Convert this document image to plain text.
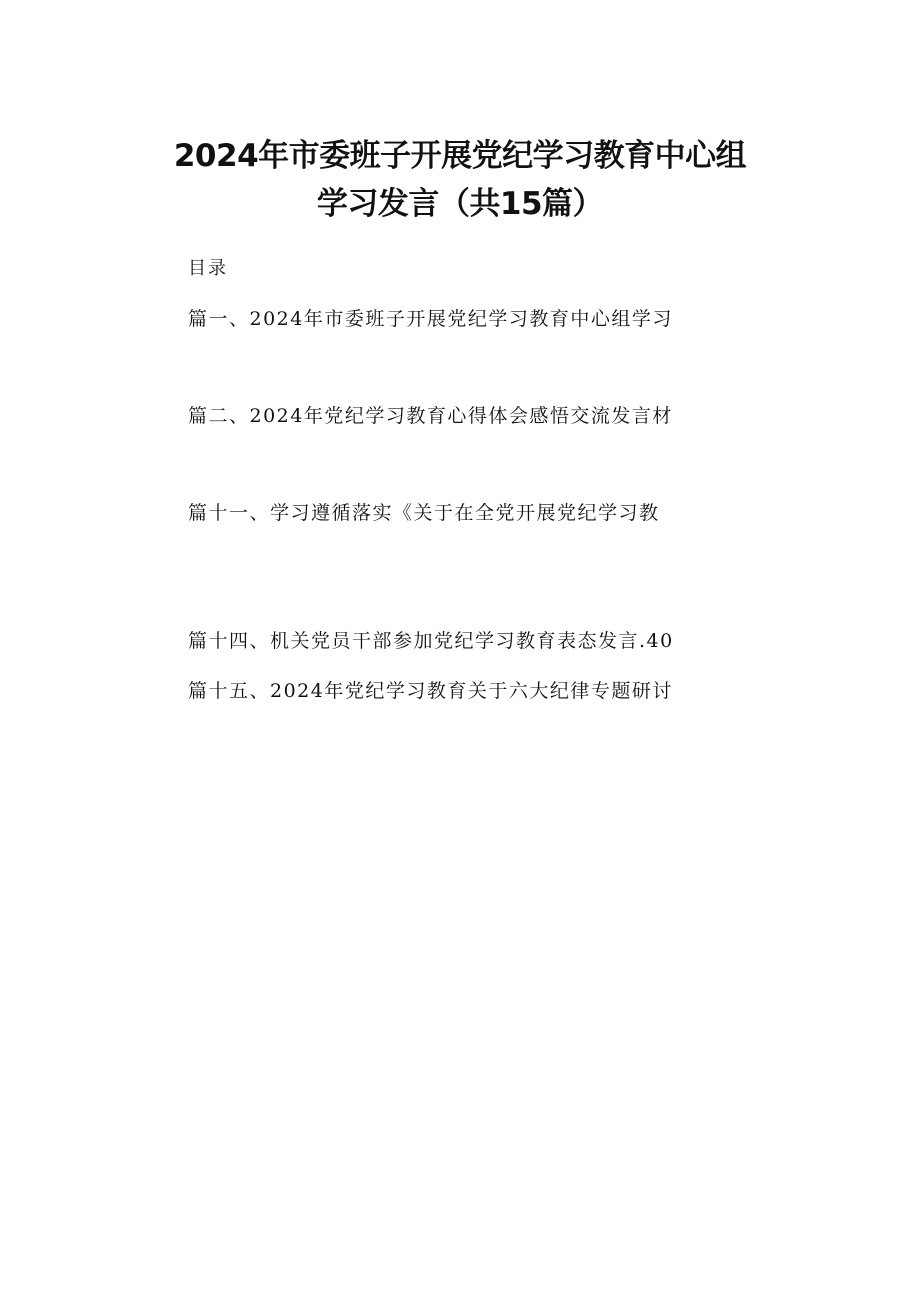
2024年市委班子开展党纪学习教育中心组
学习发言（共15篇）
目录
篇一、2024年市委班子开展党纪学习教育中心组学习
篇二、2024年党纪学习教育心得体会感悟交流发言材
篇十一、学习遵循落实《关于在全党开展党纪学习教
篇十四、机关党员干部参加党纪学习教育表态发言.40
篇十五、2024年党纪学习教育关于六大纪律专题研讨
